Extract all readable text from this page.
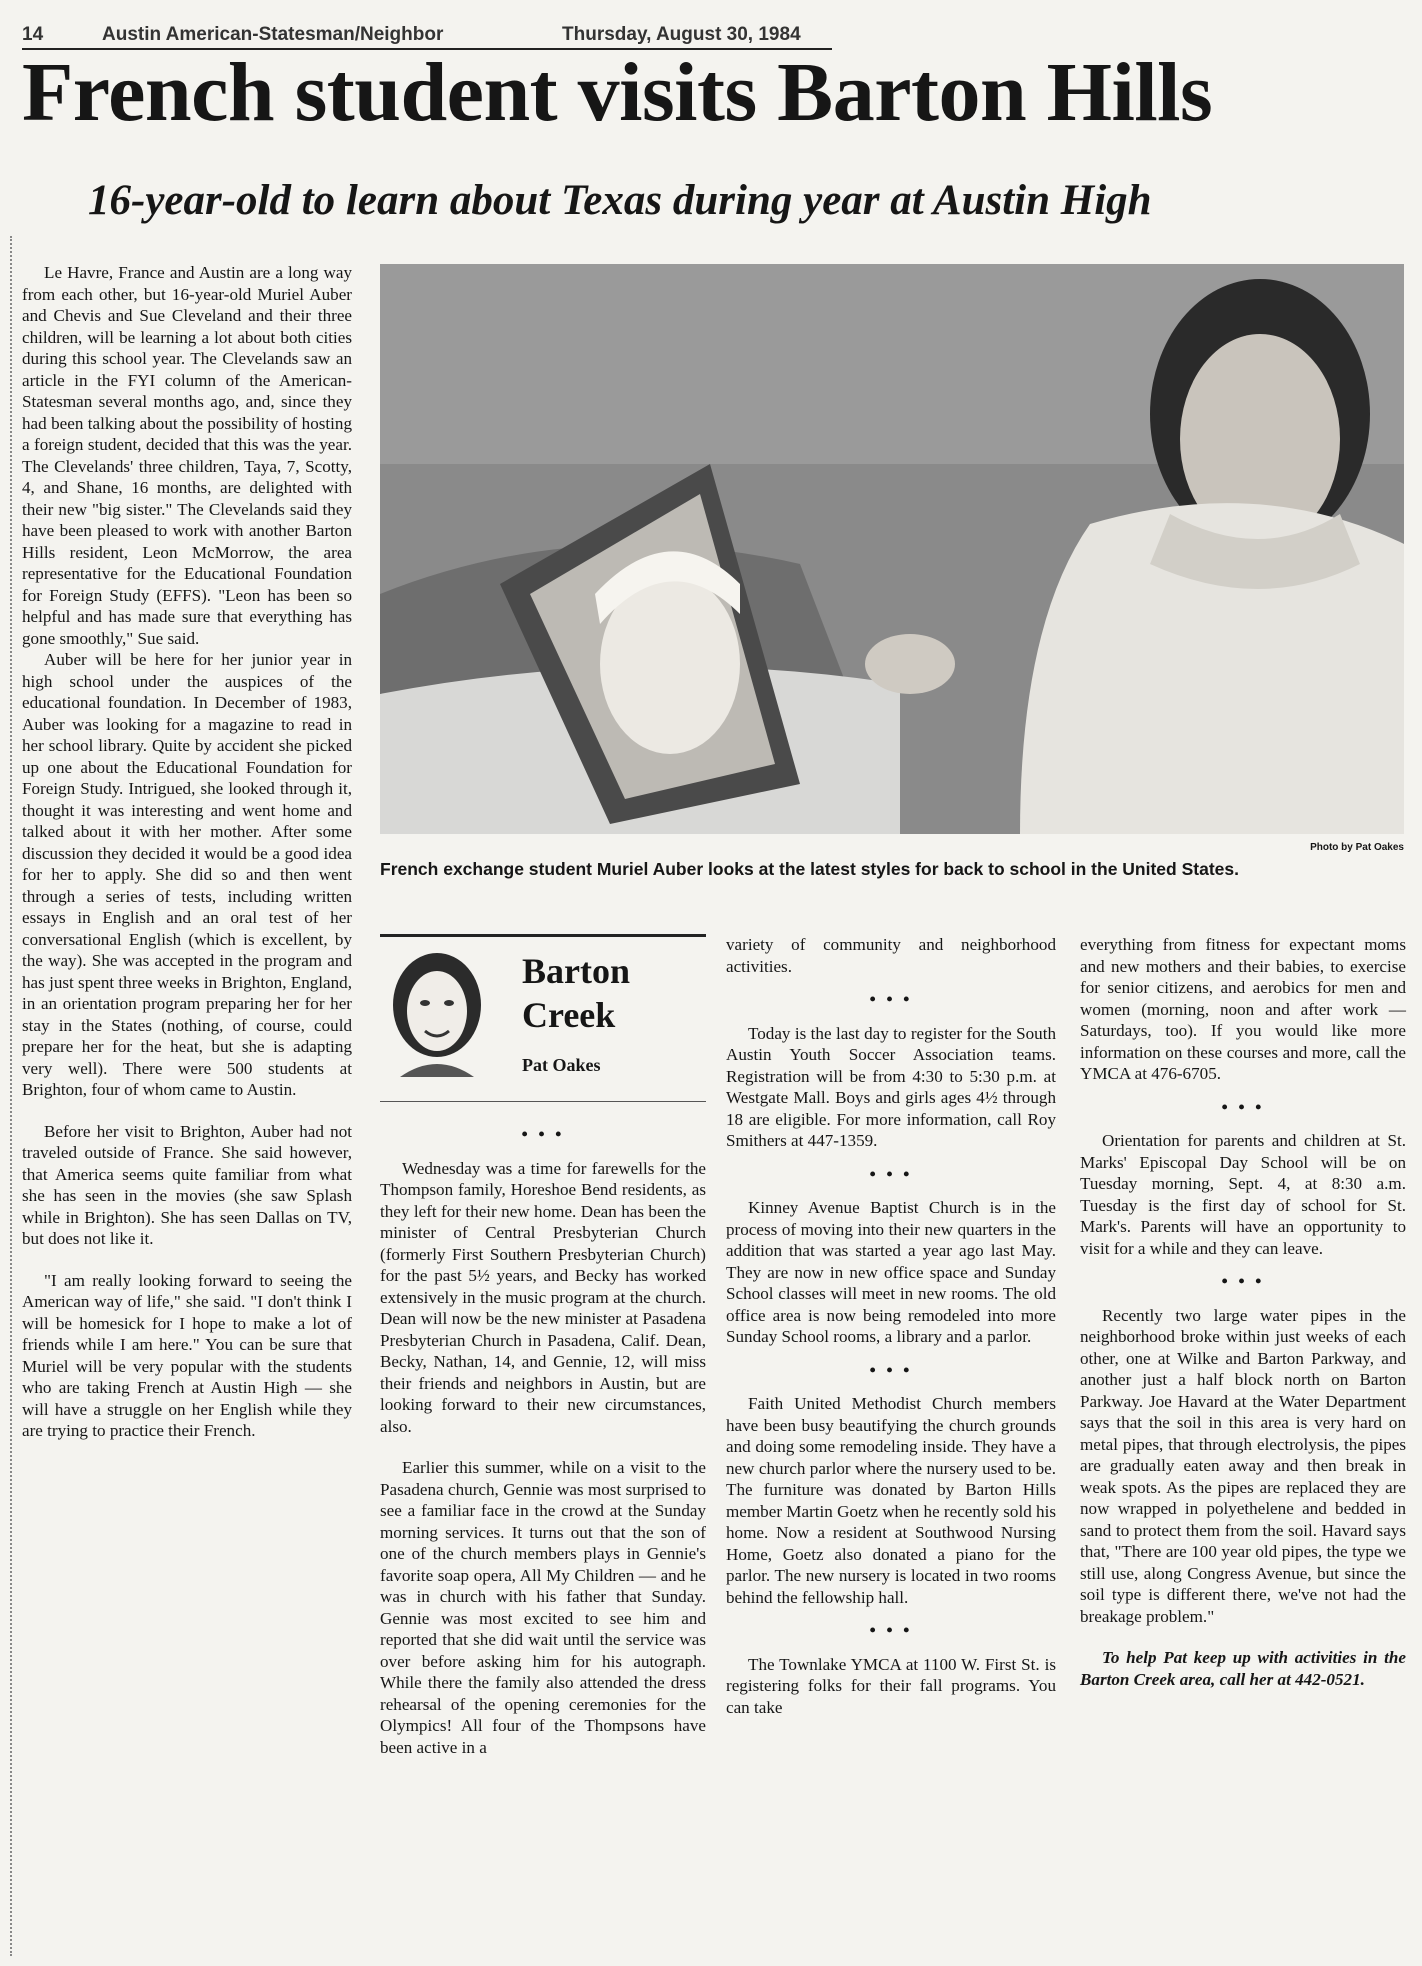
14	Austin American-Statesman/Neighbor	Thursday, August 30, 1984
French student visits Barton Hills
16-year-old to learn about Texas during year at Austin High

Le Havre, France and Austin are a long way from each other, but 16-year-old Muriel Auber and Chevis and Sue Cleveland and their three children, will be learning a lot about both cities during this school year. The Clevelands saw an article in the FYI column of the American-Statesman several months ago, and, since they had been talking about the possibility of hosting a foreign student, decided that this was the year. The Clevelands' three children, Taya, 7, Scotty, 4, and Shane, 16 months, are delighted with their new "big sister." The Clevelands said they have been pleased to work with another Barton Hills resident, Leon McMorrow, the area representative for the Educational Foundation for Foreign Study (EFFS). "Leon has been so helpful and has made sure that everything has gone smoothly," Sue said.

Auber will be here for her junior year in high school under the auspices of the educational foundation. In December of 1983, Auber was looking for a magazine to read in her school library. Quite by accident she picked up one about the Educational Foundation for Foreign Study. Intrigued, she looked through it, thought it was interesting and went home and talked about it with her mother. After some discussion they decided it would be a good idea for her to apply. She did so and then went through a series of tests, including written essays in English and an oral test of her conversational English (which is excellent, by the way). She was accepted in the program and has just spent three weeks in Brighton, England, in an orientation program preparing her for her stay in the States (nothing, of course, could prepare her for the heat, but she is adapting very well). There were 500 students at Brighton, four of whom came to Austin.

Before her visit to Brighton, Auber had not traveled outside of France. She said however, that America seems quite familiar from what she has seen in the movies (she saw Splash while in Brighton). She has seen Dallas on TV, but does not like it.

"I am really looking forward to seeing the American way of life," she said. "I don't think I will be homesick for I hope to make a lot of friends while I am here." You can be sure that Muriel will be very popular with the students who are taking French at Austin High — she will have a struggle on her English while they are trying to practice their French.

Photo by Pat Oakes
French exchange student Muriel Auber looks at the latest styles for back to school in the United States.
Barton
Creek
Pat Oakes
• • •

Wednesday was a time for farewells for the Thompson family, Horeshoe Bend residents, as they left for their new home. Dean has been the minister of Central Presbyterian Church (formerly First Southern Presbyterian Church) for the past 5½ years, and Becky has worked extensively in the music program at the church. Dean will now be the new minister at Pasadena Presbyterian Church in Pasadena, Calif. Dean, Becky, Nathan, 14, and Gennie, 12, will miss their friends and neighbors in Austin, but are looking forward to their new circumstances, also.

Earlier this summer, while on a visit to the Pasadena church, Gennie was most surprised to see a familiar face in the crowd at the Sunday morning services. It turns out that the son of one of the church members plays in Gennie's favorite soap opera, All My Children — and he was in church with his father that Sunday. Gennie was most excited to see him and reported that she did wait until the service was over before asking him for his autograph. While there the family also attended the dress rehearsal of the opening ceremonies for the Olympics! All four of the Thompsons have been active in a

variety of community and neighborhood activities.

• • •

Today is the last day to register for the South Austin Youth Soccer Association teams. Registration will be from 4:30 to 5:30 p.m. at Westgate Mall. Boys and girls ages 4½ through 18 are eligible. For more information, call Roy Smithers at 447-1359.

• • •

Kinney Avenue Baptist Church is in the process of moving into their new quarters in the addition that was started a year ago last May. They are now in new office space and Sunday School classes will meet in new rooms. The old office area is now being remodeled into more Sunday School rooms, a library and a parlor.

• • •

Faith United Methodist Church members have been busy beautifying the church grounds and doing some remodeling inside. They have a new church parlor where the nursery used to be. The furniture was donated by Barton Hills member Martin Goetz when he recently sold his home. Now a resident at Southwood Nursing Home, Goetz also donated a piano for the parlor. The new nursery is located in two rooms behind the fellowship hall.

• • •

The Townlake YMCA at 1100 W. First St. is registering folks for their fall programs. You can take

everything from fitness for expectant moms and new mothers and their babies, to exercise for senior citizens, and aerobics for men and women (morning, noon and after work — Saturdays, too). If you would like more information on these courses and more, call the YMCA at 476-6705.

• • •

Orientation for parents and children at St. Marks' Episcopal Day School will be on Tuesday morning, Sept. 4, at 8:30 a.m. Tuesday is the first day of school for St. Mark's. Parents will have an opportunity to visit for a while and they can leave.

• • •

Recently two large water pipes in the neighborhood broke within just weeks of each other, one at Wilke and Barton Parkway, and another just a half block north on Barton Parkway. Joe Havard at the Water Department says that the soil in this area is very hard on metal pipes, that through electrolysis, the pipes are gradually eaten away and then break in weak spots. As the pipes are replaced they are now wrapped in polyethelene and bedded in sand to protect them from the soil. Havard says that, "There are 100 year old pipes, the type we still use, along Congress Avenue, but since the soil type is different there, we've not had the breakage problem."

To help Pat keep up with activities in the Barton Creek area, call her at 442-0521.
